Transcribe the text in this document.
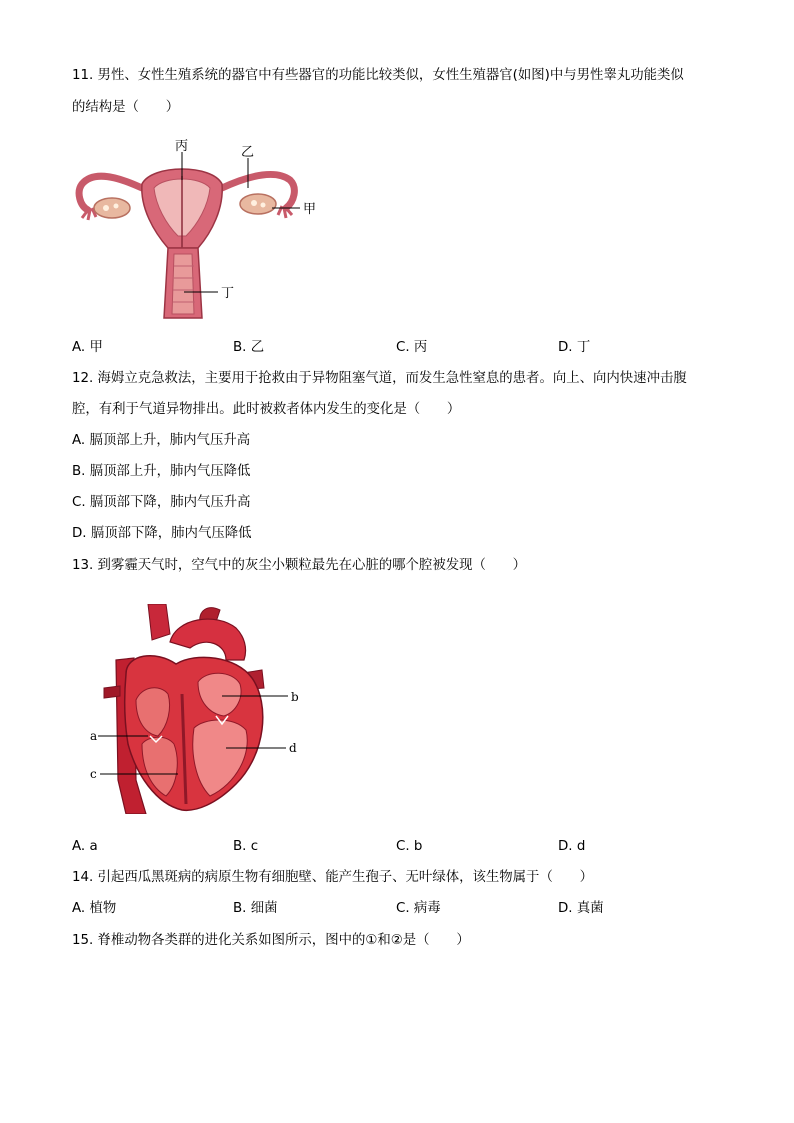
11. 男性、女性生殖系统的器官中有些器官的功能比较类似，女性生殖器官(如图)中与男性睾丸功能类似
的结构是（　　）
丙	乙
甲
丁
A. 甲	B. 乙	C. 丙	D. 丁
12. 海姆立克急救法，主要用于抢救由于异物阻塞气道，而发生急性窒息的患者。向上、向内快速冲击腹
腔，有利于气道异物排出。此时被救者体内发生的变化是（　　）
A. 膈顶部上升，肺内气压升高
B. 膈顶部上升，肺内气压降低
C. 膈顶部下降，肺内气压升高
D. 膈顶部下降，肺内气压降低
13. 到雾霾天气时，空气中的灰尘小颗粒最先在心脏的哪个腔被发现（　　）
a
c
b
d
A. a	B. c	C. b	D. d
14. 引起西瓜黑斑病的病原生物有细胞壁、能产生孢子、无叶绿体，该生物属于（　　）
A. 植物	B. 细菌	C. 病毒	D. 真菌
15. 脊椎动物各类群的进化关系如图所示，图中的①和②是（　　）
